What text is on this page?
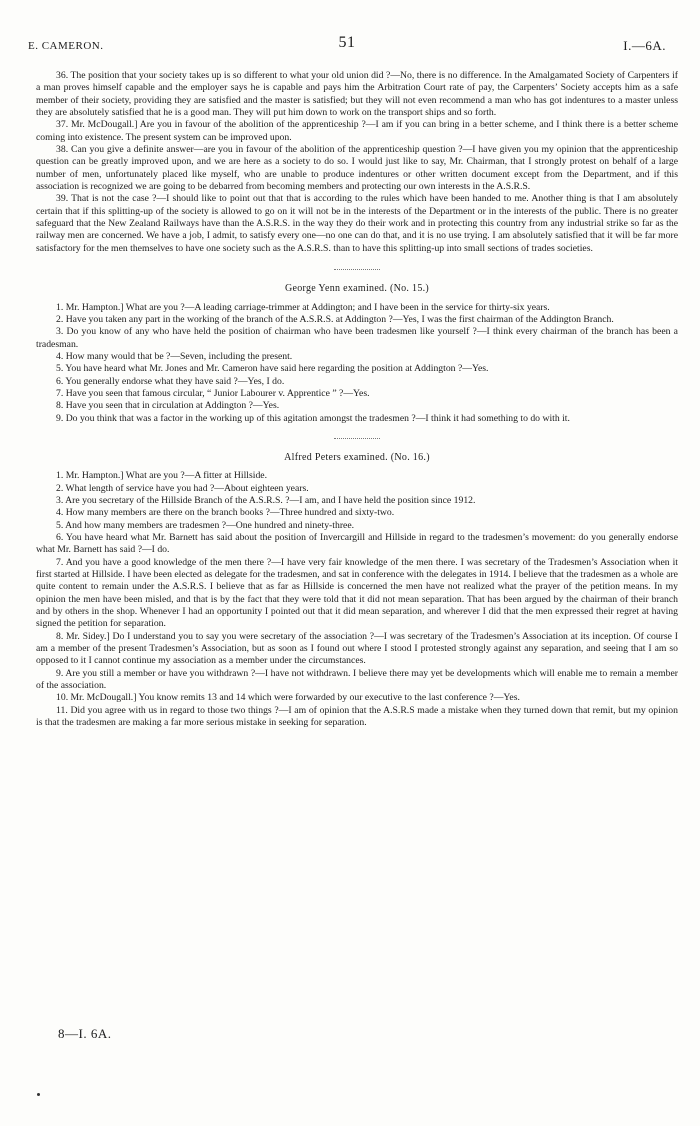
E. CAMERON.	51	I.—6A.

36. The position that your society takes up is so different to what your old union did ?—No, there is no difference. In the Amalgamated Society of Carpenters if a man proves himself capable and the employer says he is capable and pays him the Arbitration Court rate of pay, the Carpenters’ Society accepts him as a safe member of their society, providing they are satisfied and the master is satisfied; but they will not even recommend a man who has got indentures to a master unless they are absolutely satisfied that he is a good man. They will put him down to work on the transport ships and so forth.

37. Mr. McDougall.] Are you in favour of the abolition of the apprenticeship ?—I am if you can bring in a better scheme, and I think there is a better scheme coming into existence. The present system can be improved upon.

38. Can you give a definite answer—are you in favour of the abolition of the apprenticeship question ?—I have given you my opinion that the apprenticeship question can be greatly improved upon, and we are here as a society to do so. I would just like to say, Mr. Chairman, that I strongly protest on behalf of a large number of men, unfortunately placed like myself, who are unable to produce indentures or other written document except from the Department, and if this association is recognized we are going to be debarred from becoming members and protecting our own interests in the A.S.R.S.

39. That is not the case ?—I should like to point out that that is according to the rules which have been handed to me. Another thing is that I am absolutely certain that if this splitting-up of the society is allowed to go on it will not be in the interests of the Department or in the interests of the public. There is no greater safeguard that the New Zealand Railways have than the A.S.R.S. in the way they do their work and in protecting this country from any industrial strike so far as the railway men are concerned. We have a job, I admit, to satisfy every one—no one can do that, and it is no use trying. I am absolutely satisfied that it will be far more satisfactory for the men themselves to have one society such as the A.S.R.S. than to have this splitting-up into small sections of trades societies.

George Yenn examined. (No. 15.)

1. Mr. Hampton.] What are you ?—A leading carriage-trimmer at Addington; and I have been in the service for thirty-six years.

2. Have you taken any part in the working of the branch of the A.S.R.S. at Addington ?—Yes, I was the first chairman of the Addington Branch.

3. Do you know of any who have held the position of chairman who have been tradesmen like yourself ?—I think every chairman of the branch has been a tradesman.

4. How many would that be ?—Seven, including the present.

5. You have heard what Mr. Jones and Mr. Cameron have said here regarding the position at Addington ?—Yes.

6. You generally endorse what they have said ?—Yes, I do.

7. Have you seen that famous circular, “ Junior Labourer v. Apprentice ” ?—Yes.

8. Have you seen that in circulation at Addington ?—Yes.

9. Do you think that was a factor in the working up of this agitation amongst the tradesmen ?—I think it had something to do with it.

Alfred Peters examined. (No. 16.)

1. Mr. Hampton.] What are you ?—A fitter at Hillside.

2. What length of service have you had ?—About eighteen years.

3. Are you secretary of the Hillside Branch of the A.S.R.S. ?—I am, and I have held the position since 1912.

4. How many members are there on the branch books ?—Three hundred and sixty-two.

5. And how many members are tradesmen ?—One hundred and ninety-three.

6. You have heard what Mr. Barnett has said about the position of Invercargill and Hillside in regard to the tradesmen’s movement: do you generally endorse what Mr. Barnett has said ?—I do.

7. And you have a good knowledge of the men there ?—I have very fair knowledge of the men there. I was secretary of the Tradesmen’s Association when it first started at Hillside. I have been elected as delegate for the tradesmen, and sat in conference with the delegates in 1914. I believe that the tradesmen as a whole are quite content to remain under the A.S.R.S. I believe that as far as Hillside is concerned the men have not realized what the prayer of the petition means. In my opinion the men have been misled, and that is by the fact that they were told that it did not mean separation. That has been argued by the chairman of their branch and by others in the shop. Whenever I had an opportunity I pointed out that it did mean separation, and wherever I did that the men expressed their regret at having signed the petition for separation.

8. Mr. Sidey.] Do I understand you to say you were secretary of the association ?—I was secretary of the Tradesmen’s Association at its inception. Of course I am a member of the present Tradesmen’s Association, but as soon as I found out where I stood I protested strongly against any separation, and seeing that I am so opposed to it I cannot continue my association as a member under the circumstances.

9. Are you still a member or have you withdrawn ?—I have not withdrawn. I believe there may yet be developments which will enable me to remain a member of the association.

10. Mr. McDougall.] You know remits 13 and 14 which were forwarded by our executive to the last conference ?—Yes.

11. Did you agree with us in regard to those two things ?—I am of opinion that the A.S.R.S made a mistake when they turned down that remit, but my opinion is that the tradesmen are making a far more serious mistake in seeking for separation.

8—I. 6A.
